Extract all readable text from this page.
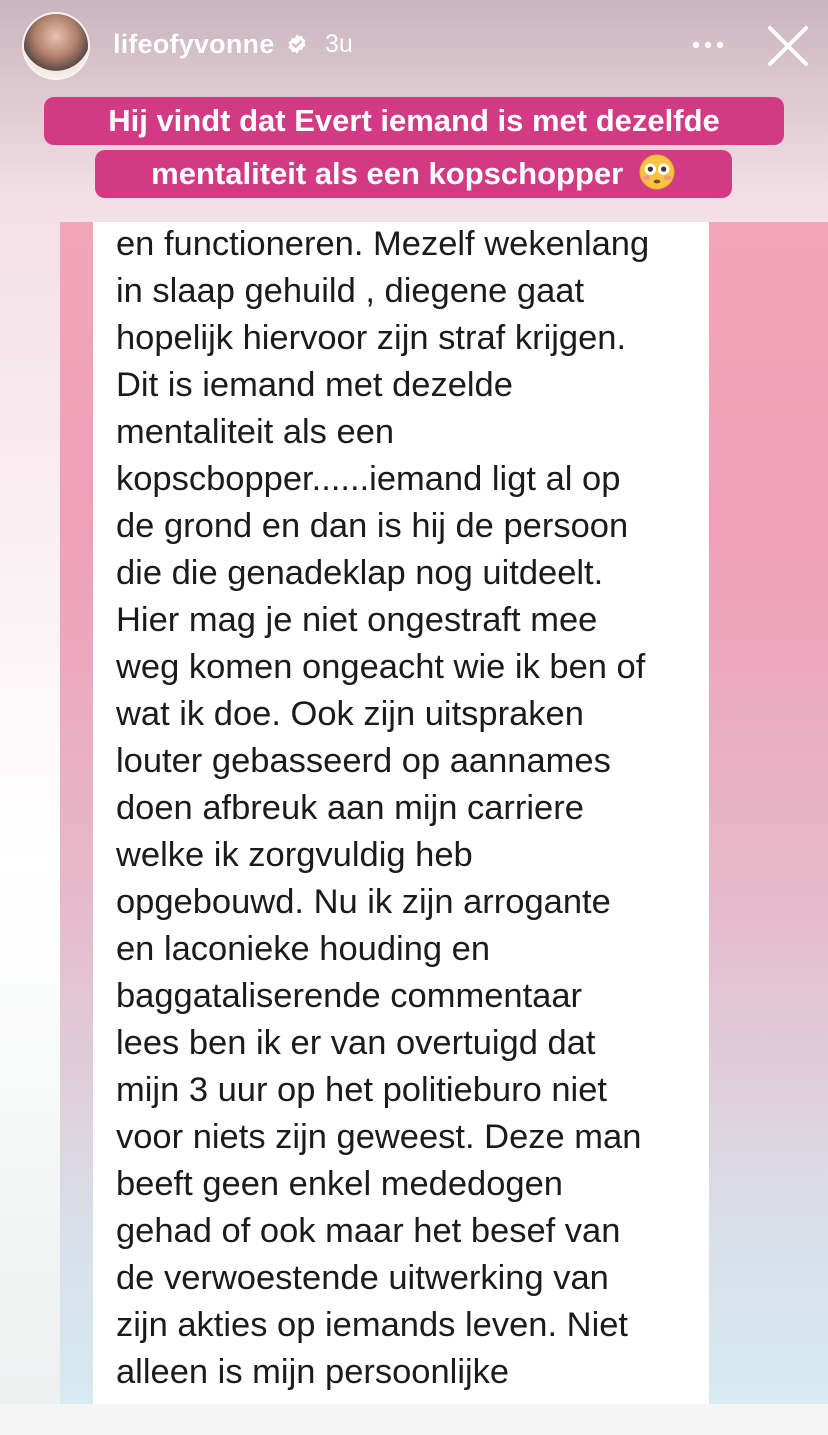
lifeofyvonne 3u
Hij vindt dat Evert iemand is met dezelfde
mentaliteit als een kopschopper
en functioneren. Mezelf wekenlang
in slaap gehuild , diegene gaat
hopelijk hiervoor zijn straf krijgen.
Dit is iemand met dezelde
mentaliteit als een
kopscbopper......iemand ligt al op
de grond en dan is hij de persoon
die die genadeklap nog uitdeelt.
Hier mag je niet ongestraft mee
weg komen ongeacht wie ik ben of
wat ik doe. Ook zijn uitspraken
louter gebasseerd op aannames
doen afbreuk aan mijn carriere
welke ik zorgvuldig heb
opgebouwd. Nu ik zijn arrogante
en laconieke houding en
baggataliserende commentaar
lees ben ik er van overtuigd dat
mijn 3 uur op het politieburo niet
voor niets zijn geweest. Deze man
beeft geen enkel mededogen
gehad of ook maar het besef van
de verwoestende uitwerking van
zijn akties op iemands leven. Niet
alleen is mijn persoonlijke
